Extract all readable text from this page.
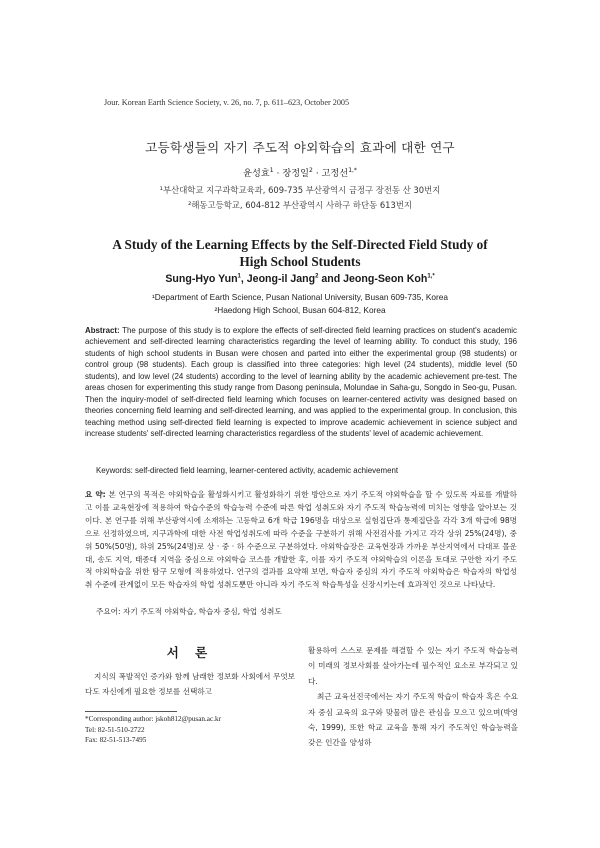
Jour. Korean Earth Science Society, v. 26, no. 7, p. 611–623, October 2005
고등학생들의 자기 주도적 야외학습의 효과에 대한 연구
윤성효$^1$ · 장정일$^2$ · 고정선$^{1,*}$
¹부산대학교 지구과학교육과, 609-735 부산광역시 금정구 장전동 산 30번지
²해동고등학교, 604-812 부산광역시 사하구 하단동 613번지
A Study of the Learning Effects by the Self-Directed Field Study of
High School Students
Sung-Hyo Yun$^1$, Jeong-il Jang$^2$ and Jeong-Seon Koh$^{1,*}$
¹Department of Earth Science, Pusan National University, Busan 609-735, Korea
²Haedong High School, Busan 604-812, Korea
Abstract: The purpose of this study is to explore the effects of self-directed field learning practices on student's academic achievement and self-directed learning characteristics regarding the level of learning ability. To conduct this study, 196 students of high school students in Busan were chosen and parted into either the experimental group (98 students) or control group (98 students). Each group is classified into three categories: high level (24 students), middle level (50 students), and low level (24 students) according to the level of learning ability by the academic achievement pre-test. The areas chosen for experimenting this study range from Dasong peninsula, Molundae in Saha-gu, Songdo in Seo-gu, Pusan. Then the inquiry-model of self-directed field learning which focuses on learner-centered activity was designed based on theories concerning field learning and self-directed learning, and was applied to the experimental group. In conclusion, this teaching method using self-directed field learning is expected to improve academic achievement in science subject and increase students' self-directed learning characteristics regardless of the students' level of academic achievement.
Keywords: self-directed field learning, learner-centered activity, academic achievement
요 약: 본 연구의 목적은 야외학습을 활성화시키고 활성화하기 위한 방안으로 자기 주도적 야외학습을 할 수 있도록 자료를 개발하고 이를 교육현장에 적용하여 학습수준의 학습능력 수준에 따른 학업 성취도와 자기 주도적 학습능력에 미치는 영향을 알아보는 것이다. 본 연구를 위해 부산광역시에 소재하는 고등학교 6개 학급 196명을 대상으로 실험집단과 통제집단을 각각 3개 학급에 98명으로 선정하였으며, 지구과학에 대한 사전 학업성취도에 따라 수준을 구분하기 위해 사전검사를 가지고 각각 상위 25%(24명), 중위 50%(50명), 하위 25%(24명)로 상 · 중 · 하 수준으로 구분하였다. 야외학습장은 교육현장과 가까운 부산지역에서 다대포 몰운대, 송도 지역, 태종대 지역을 중심으로 야외학습 코스를 개발한 후, 이를 자기 주도적 야외학습의 이론을 토대로 구안한 자기 주도적 야외학습을 위한 탐구 모형에 적용하였다. 연구의 결과를 요약해 보면, 학습자 중심의 자기 주도적 야외학습은 학습자의 학업성취 수준에 관계없이 모든 학습자의 학업 성취도뿐만 아니라 자기 주도적 학습특성을 신장시키는데 효과적인 것으로 나타났다.
주요어: 자기 주도적 야외학습, 학습자 중심, 학업 성취도
서 론

지식의 폭발적인 증가와 함께 남래한 정보화 사회에서 무엇보다도 자신에게 필요한 정보를 선택하고

*Corresponding author: jskoh812@pusan.ac.kr
Tel: 82-51-510-2722
Fax: 82-51-513-7495

활용하여 스스로 문제를 해결할 수 있는 자기 주도적 학습능력이 미래의 정보사회를 살아가는데 필수적인 요소로 부각되고 있다.

최근 교육선진국에서는 자기 주도적 학습이 학습자 혹은 수요자 중심 교육의 요구와 맞물려 많은 관심을 모으고 있으며(박영숙, 1999), 또한 학교 교육을 통해 자기 주도적인 학습능력을 갖은 인간을 양성하
